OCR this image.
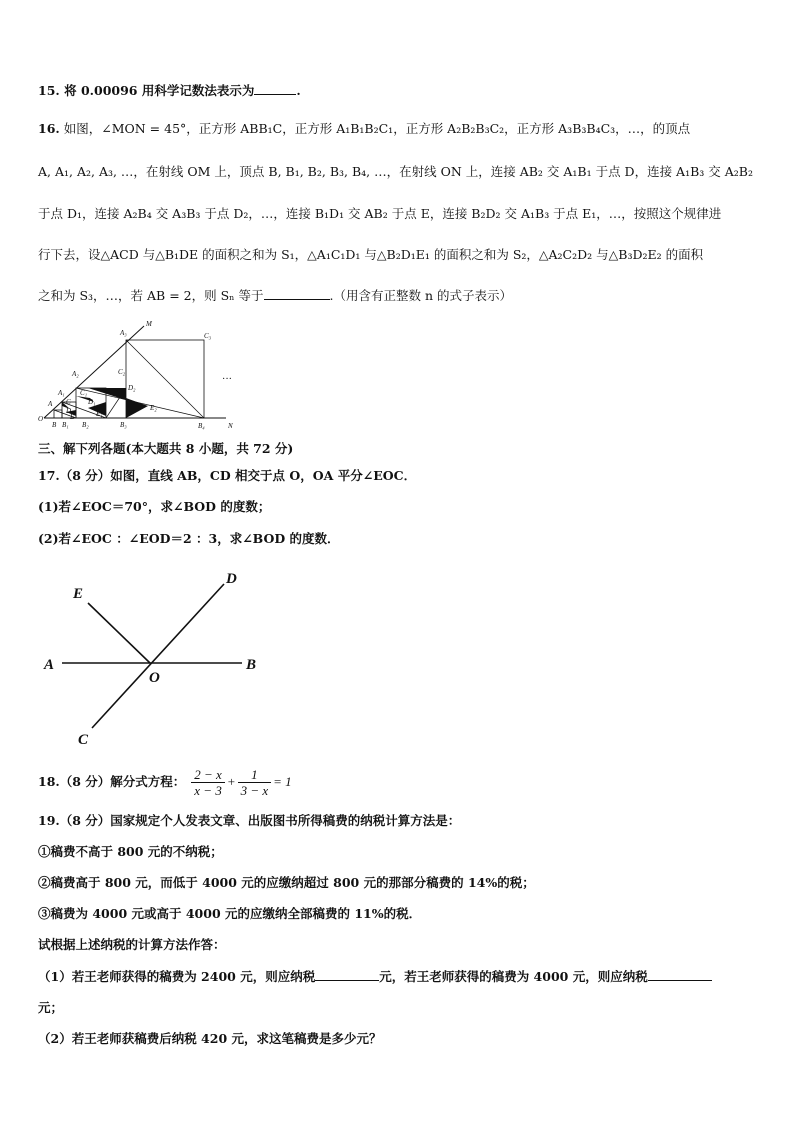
15. 将 0.00096 用科学记数法表示为	.
16. 如图，∠MON = 45°，正方形 ABB₁C，正方形 A₁B₁B₂C₁，正方形 A₂B₂B₃C₂，正方形 A₃B₃B₄C₃，…，的顶点
A, A₁, A₂, A₃, …，在射线 OM 上，顶点 B, B₁, B₂, B₃, B₄, …，在射线 ON 上，连接 AB₂ 交 A₁B₁ 于点 D，连接 A₁B₃ 交 A₂B₂
于点 D₁，连接 A₂B₄ 交 A₃B₃ 于点 D₂，…，连接 B₁D₁ 交 AB₂ 于点 E，连接 B₂D₂ 交 A₁B₃ 于点 E₁，…，按照这个规律进
行下去，设△ACD 与△B₁DE 的面积之和为 S₁，△A₁C₁D₁ 与△B₂D₁E₁ 的面积之和为 S₂，△A₂C₂D₂ 与△B₃D₂E₂ 的面积
之和为 S₃，…，若 AB = 2，则 Sₙ 等于	.（用含有正整数 n 的式子表示）
M
N
O
A
A₁
A₂
A₃
B B₁ B₂	B₃	B₄
C
C₁
C₂
C₃
D
D₁
D₂
E	E₁
E₂
···
三、解下列各题(本大题共 8 小题，共 72 分)
17.（8 分）如图，直线 AB，CD 相交于点 O，OA 平分∠EOC．
(1)若∠EOC＝70°，求∠BOD 的度数；
(2)若∠EOC ：∠EOD＝2 ：3，求∠BOD 的度数．
E
D
A	B
O
C
18.（8 分）解分式方程： $\frac{2 - x}{x - 3} + \frac{1}{3 - x} = 1$
19.（8 分）国家规定个人发表文章、出版图书所得稿费的纳税计算方法是：
①稿费不高于 800 元的不纳税；
②稿费高于 800 元，而低于 4000 元的应缴纳超过 800 元的那部分稿费的 14%的税；
③稿费为 4000 元或高于 4000 元的应缴纳全部稿费的 11%的税．
试根据上述纳税的计算方法作答：
（1）若王老师获得的稿费为 2400 元，则应纳税	元，若王老师获得的稿费为 4000 元，则应纳税
元；
（2）若王老师获稿费后纳税 420 元，求这笔稿费是多少元？
